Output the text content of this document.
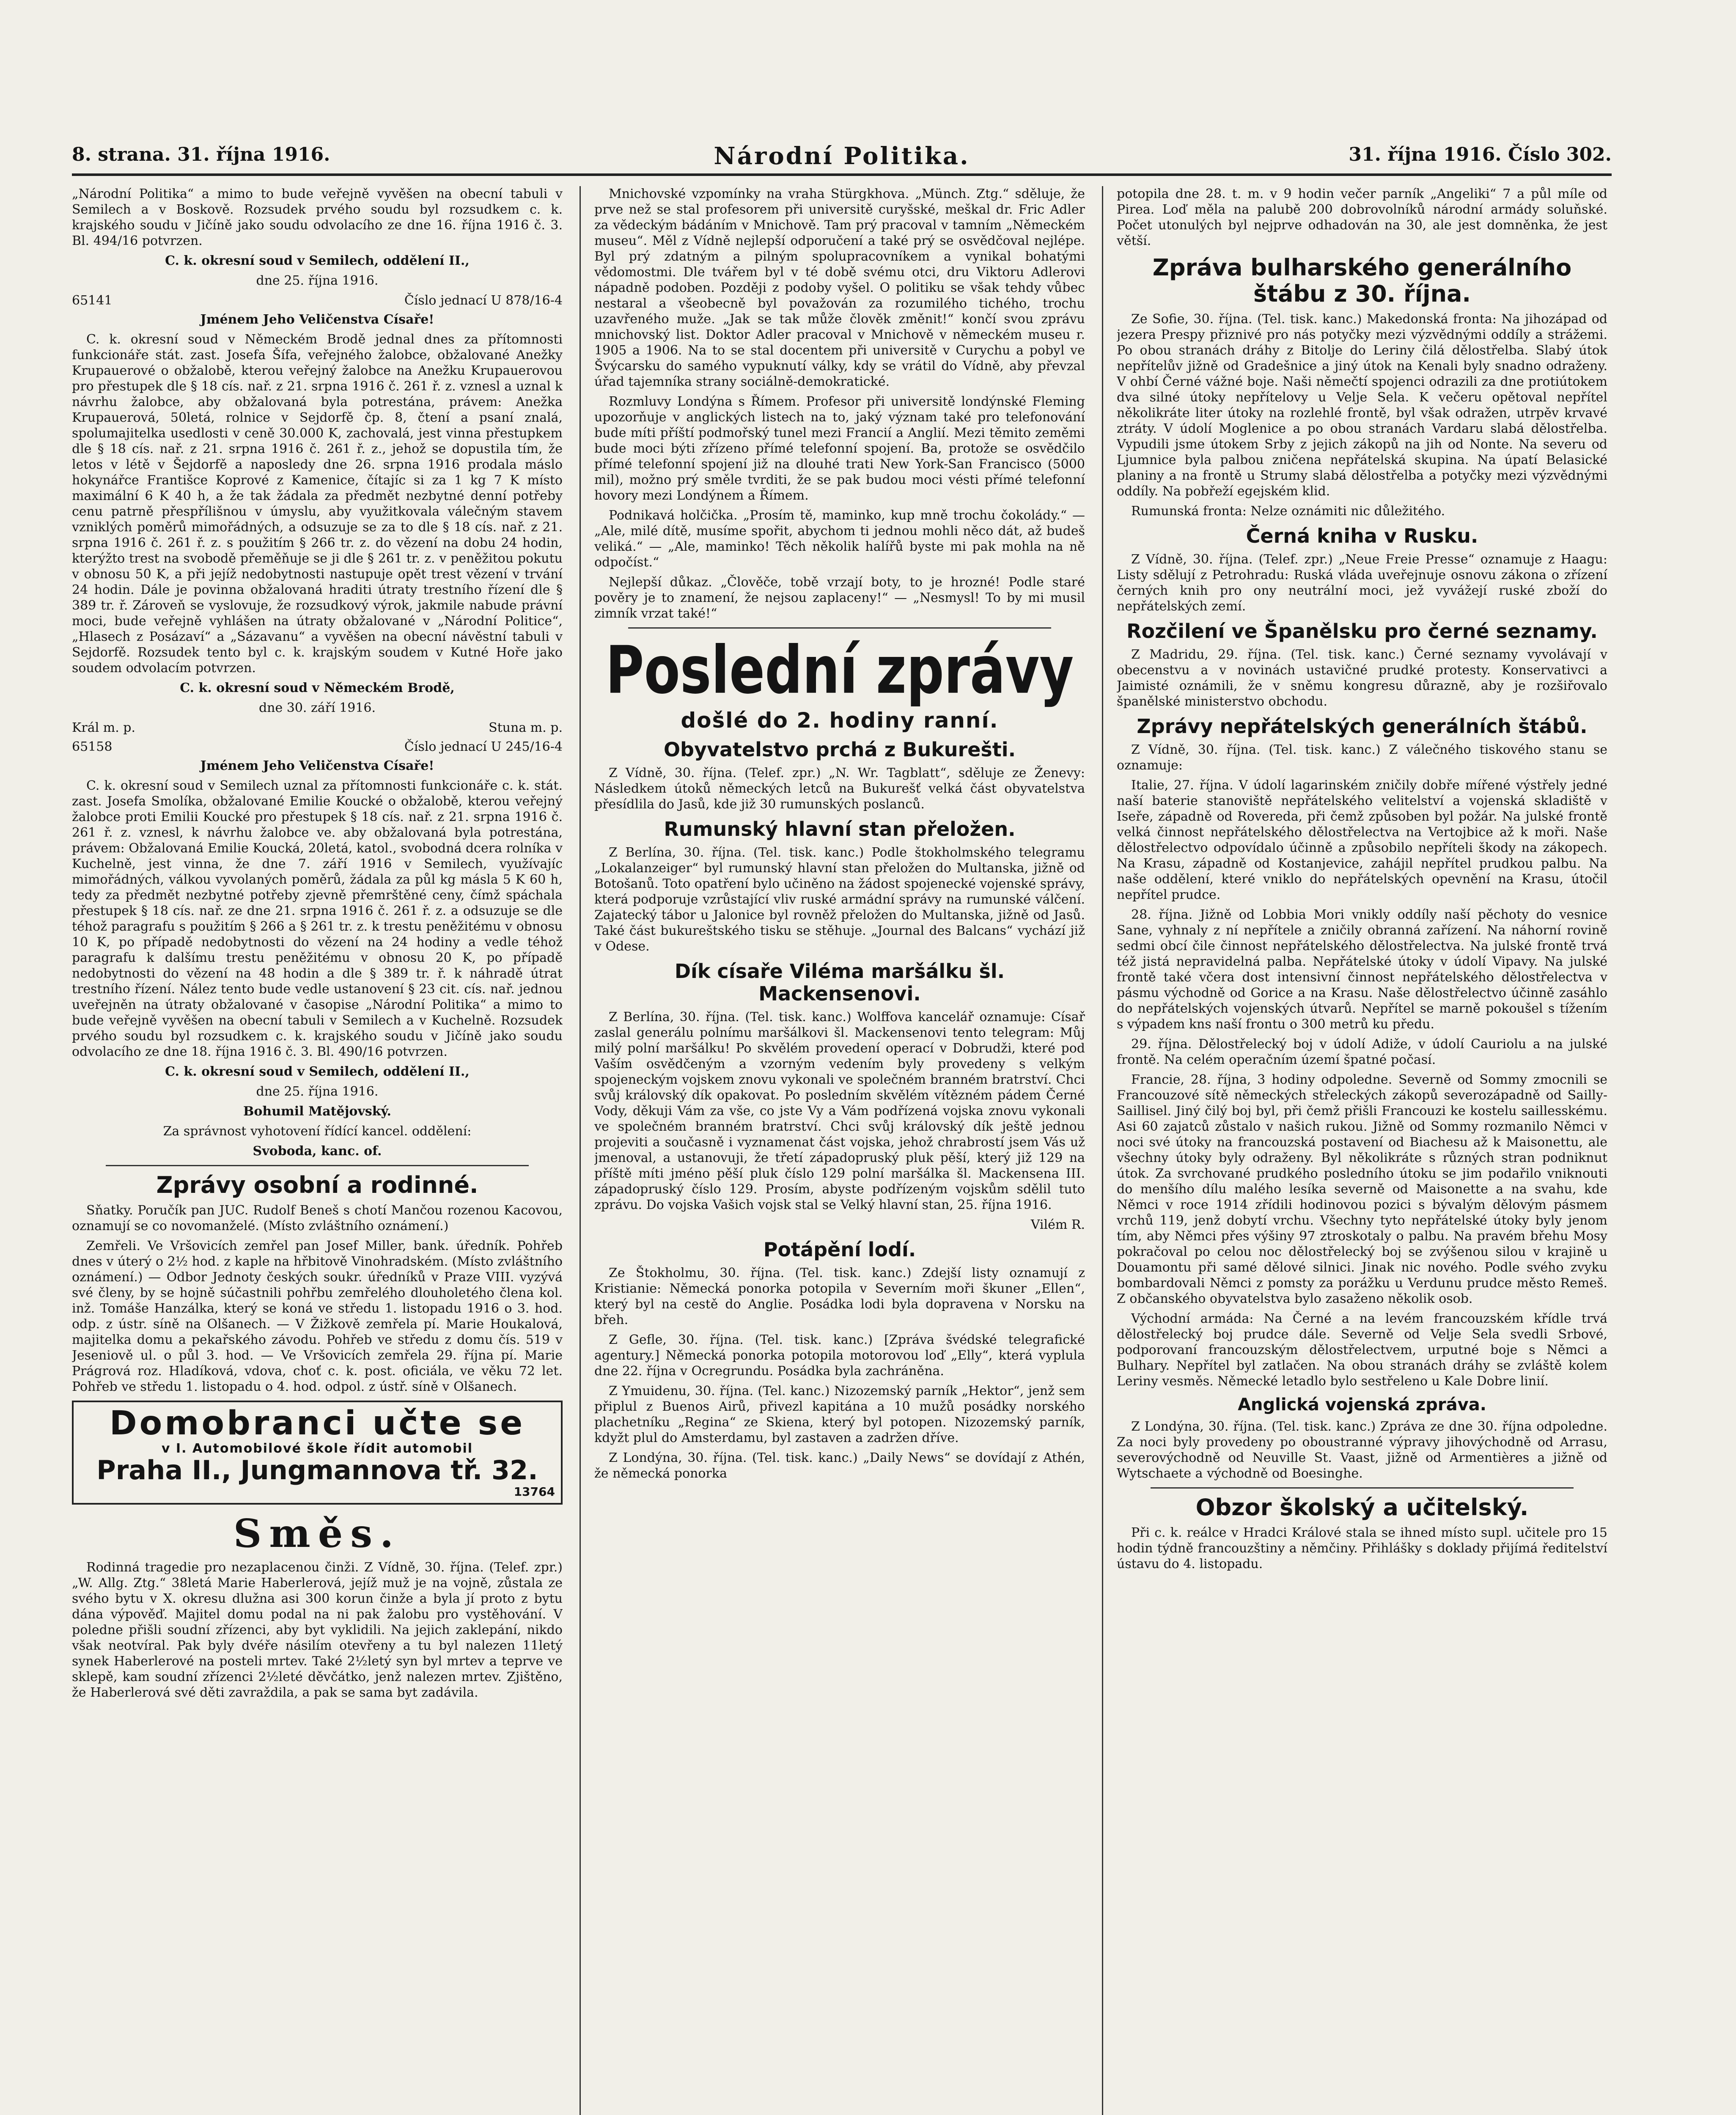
8. strana. 31. října 1916.	Národní Politika.	31. října 1916. Číslo 302.

„Národní Politika“ a mimo to bude veřejně vyvěšen na obecní tabuli v Semilech a v Boskově. Rozsudek prvého soudu byl rozsudkem c. k. krajského soudu v Jičíně jako soudu odvolacího ze dne 16. října 1916 č. 3. Bl. 494/16 potvrzen.

C. k. okresní soud v Semilech, oddělení II.,

dne 25. října 1916.

65141	Číslo jednací U 878/16-4

Jménem Jeho Veličenstva Císaře!

C. k. okresní soud v Německém Brodě jednal dnes za přítomnosti funkcionáře stát. zast. Josefa Šífa, veřejného žalobce, obžalované Anežky Krupauerové o obžalobě, kterou veřejný žalobce na Anežku Krupauerovou pro přestupek dle § 18 cís. nař. z 21. srpna 1916 č. 261 ř. z. vznesl a uznal k návrhu žalobce, aby obžalovaná byla potrestána, právem: Anežka Krupauerová, 50letá, rolnice v Sejdorfě čp. 8, čtení a psaní znalá, spolumajitelka usedlosti v ceně 30.000 K, zachovalá, jest vinna přestupkem dle § 18 cís. nař. z 21. srpna 1916 č. 261 ř. z., jehož se dopustila tím, že letos v létě v Šejdorfě a naposledy dne 26. srpna 1916 prodala máslo hokynářce Františce Koprové z Kamenice, čítajíc si za 1 kg 7 K místo maximální 6 K 40 h, a že tak žádala za předmět nezbytné denní potřeby cenu patrně přespřílišnou v úmyslu, aby využitkovala válečným stavem vzniklých poměrů mimořádných, a odsuzuje se za to dle § 18 cís. nař. z 21. srpna 1916 č. 261 ř. z. s použitím § 266 tr. z. do vězení na dobu 24 hodin, kterýžto trest na svobodě přeměňuje se ji dle § 261 tr. z. v peněžitou pokutu v obnosu 50 K, a při jejíž nedobytnosti nastupuje opět trest vězení v trvání 24 hodin. Dále je povinna obžalovaná hraditi útraty trestního řízení dle § 389 tr. ř. Zároveň se vyslovuje, že rozsudkový výrok, jakmile nabude právní moci, bude veřejně vyhlášen na útraty obžalované v „Národní Politice“, „Hlasech z Posázaví“ a „Sázavanu“ a vyvěšen na obecní návěstní tabuli v Sejdorfě. Rozsudek tento byl c. k. krajským soudem v Kutné Hoře jako soudem odvolacím potvrzen.

C. k. okresní soud v Německém Brodě,

dne 30. září 1916.

Král m. p.	Stuna m. p.
65158	Číslo jednací U 245/16-4

Jménem Jeho Veličenstva Císaře!

C. k. okresní soud v Semilech uznal za přítomnosti funkcionáře c. k. stát. zast. Josefa Smolíka, obžalované Emilie Koucké o obžalobě, kterou veřejný žalobce proti Emilii Koucké pro přestupek § 18 cís. nař. z 21. srpna 1916 č. 261 ř. z. vznesl, k návrhu žalobce ve. aby obžalovaná byla potrestána, právem: Obžalovaná Emilie Koucká, 20letá, katol., svobodná dcera rolníka v Kuchelně, jest vinna, že dne 7. září 1916 v Semilech, využívajíc mimořádných, válkou vyvolaných poměrů, žádala za půl kg másla 5 K 60 h, tedy za předmět nezbytné potřeby zjevně přemrštěné ceny, čímž spáchala přestupek § 18 cís. nař. ze dne 21. srpna 1916 č. 261 ř. z. a odsuzuje se dle téhož paragrafu s použitím § 266 a § 261 tr. z. k trestu peněžitému v obnosu 10 K, po případě nedobytnosti do vězení na 24 hodiny a vedle téhož paragrafu k dalšímu trestu peněžitému v obnosu 20 K, po případě nedobytnosti do vězení na 48 hodin a dle § 389 tr. ř. k náhradě útrat trestního řízení. Nález tento bude vedle ustanovení § 23 cit. cís. nař. jednou uveřejněn na útraty obžalované v časopise „Národní Politika“ a mimo to bude veřejně vyvěšen na obecní tabuli v Semilech a v Kuchelně. Rozsudek prvého soudu byl rozsudkem c. k. krajského soudu v Jičíně jako soudu odvolacího ze dne 18. října 1916 č. 3. Bl. 490/16 potvrzen.

C. k. okresní soud v Semilech, oddělení II.,

dne 25. října 1916.

Bohumil Matějovský.

Za správnost vyhotovení řídící kancel. oddělení:

Svoboda, kanc. of.

Zprávy osobní a rodinné.

Sňatky. Poručík pan JUC. Rudolf Beneš s chotí Mančou rozenou Kacovou, oznamují se co novomanželé. (Místo zvláštního oznámení.)

Zemřeli. Ve Vršovicích zemřel pan Josef Miller, bank. úředník. Pohřeb dnes v úterý o 2½ hod. z kaple na hřbitově Vinohradském. (Místo zvláštního oznámení.) — Odbor Jednoty českých soukr. úředníků v Praze VIII. vyzývá své členy, by se hojně súčastnili pohřbu zemřelého dlouholetého člena kol. inž. Tomáše Hanzálka, který se koná ve středu 1. listopadu 1916 o 3. hod. odp. z ústr. síně na Olšanech. — V Žižkově zemřela pí. Marie Houkalová, majitelka domu a pekařského závodu. Pohřeb ve středu z domu čís. 519 v Jeseniově ul. o půl 3. hod. — Ve Vršovicích zemřela 29. října pí. Marie Prágrová roz. Hladíková, vdova, choť c. k. post. oficiála, ve věku 72 let. Pohřeb ve středu 1. listopadu o 4. hod. odpol. z ústř. síně v Olšanech.

Domobranci učte se
v I. Automobilové škole řídit automobil
Praha II., Jungmannova tř. 32.
13764
Směs.

Rodinná tragedie pro nezaplacenou činži. Z Vídně, 30. října. (Telef. zpr.) „W. Allg. Ztg.“ 38letá Marie Haberlerová, jejíž muž je na vojně, zůstala ze svého bytu v X. okresu dlužna asi 300 korun činže a byla jí proto z bytu dána výpověď. Majitel domu podal na ni pak žalobu pro vystěhování. V poledne přišli soudní zřízenci, aby byt vyklidili. Na jejich zaklepání, nikdo však neotvíral. Pak byly dvéře násilím otevřeny a tu byl nalezen 11letý synek Haberlerové na posteli mrtev. Také 2½letý syn byl mrtev a teprve ve sklepě, kam soudní zřízenci 2½leté děvčátko, jenž nalezen mrtev. Zjištěno, že Haberlerová své děti zavraždila, a pak se sama byt zadávila.

Mnichovské vzpomínky na vraha Stürgkhova. „Münch. Ztg.“ sděluje, že prve než se stal profesorem při universitě curyšské, meškal dr. Fric Adler za vědeckým bádáním v Mnichově. Tam prý pracoval v tamním „Německém museu“. Měl z Vídně nejlepší odporučení a také prý se osvědčoval nejlépe. Byl prý zdatným a pilným spolupracovníkem a vynikal bohatými vědomostmi. Dle tvářem byl v té době svému otci, dru Viktoru Adlerovi nápadně podoben. Později z podoby vyšel. O politiku se však tehdy vůbec nestaral a všeobecně byl považován za rozumilého tichého, trochu uzavřeného muže. „Jak se tak může člověk změnit!“ končí svou zprávu mnichovský list. Doktor Adler pracoval v Mnichově v německém museu r. 1905 a 1906. Na to se stal docentem při universitě v Curychu a pobyl ve Švýcarsku do samého vypuknutí války, kdy se vrátil do Vídně, aby převzal úřad tajemníka strany sociálně-demokratické.

Rozmluvy Londýna s Římem. Profesor při universitě londýnské Fleming upozorňuje v anglických listech na to, jaký význam také pro telefonování bude míti příští podmořský tunel mezi Francií a Anglií. Mezi těmito zeměmi bude moci býti zřízeno přímé telefonní spojení. Ba, protože se osvědčilo přímé telefonní spojení již na dlouhé trati New York-San Francisco (5000 mil), možno prý směle tvrditi, že se pak budou moci vésti přímé telefonní hovory mezi Londýnem a Římem.

Podnikavá holčička. „Prosím tě, maminko, kup mně trochu čokolády.“ — „Ale, milé dítě, musíme spořit, abychom ti jednou mohli něco dát, až budeš veliká.“ — „Ale, maminko! Těch několik halířů byste mi pak mohla na ně odpočíst.“

Nejlepší důkaz. „Člověče, tobě vrzají boty, to je hrozné! Podle staré pověry je to znamení, že nejsou zaplaceny!“ — „Nesmysl! To by mi musil zimník vrzat také!“

Poslední zprávy
došlé do 2. hodiny ranní.
Obyvatelstvo prchá z Bukurešti.

Z Vídně, 30. října. (Telef. zpr.) „N. Wr. Tagblatt“, sděluje ze Ženevy: Následkem útoků německých letců na Bukurešť velká část obyvatelstva přesídlila do Jasů, kde již 30 rumunských poslanců.

Rumunský hlavní stan přeložen.

Z Berlína, 30. října. (Tel. tisk. kanc.) Podle štokholmského telegramu „Lokalanzeiger“ byl rumunský hlavní stan přeložen do Multanska, jižně od Botošanů. Toto opatření bylo učiněno na žádost spojenecké vojenské správy, která podporuje vzrůstající vliv ruské armádní správy na rumunské válčení. Zajatecký tábor u Jalonice byl rovněž přeložen do Multanska, jižně od Jasů. Také část bukureštského tisku se stěhuje. „Journal des Balcans“ vychází již v Odese.

Dík císaře Viléma maršálku šl. Mackensenovi.

Z Berlína, 30. října. (Tel. tisk. kanc.) Wolffova kancelář oznamuje: Císař zaslal generálu polnímu maršálkovi šl. Mackensenovi tento telegram: Můj milý polní maršálku! Po skvělém provedení operací v Dobrudži, které pod Vaším osvědčeným a vzorným vedením byly provedeny s velkým spojeneckým vojskem znovu vykonali ve společném branném bratrství. Chci svůj královský dík opakovat. Po posledním skvělém vítězném pádem Černé Vody, děkuji Vám za vše, co jste Vy a Vám podřízená vojska znovu vykonali ve společném branném bratrství. Chci svůj královský dík ještě jednou projeviti a současně i vyznamenat část vojska, jehož chrabrostí jsem Vás už jmenoval, a ustanovuji, že třetí západopruský pluk pěší, který již 129 na příště míti jméno pěší pluk číslo 129 polní maršálka šl. Mackensena III. západopruský číslo 129. Prosím, abyste podřízeným vojskům sdělil tuto zprávu. Do vojska Vašich vojsk stal se Velký hlavní stan, 25. října 1916.

Vilém R.

Potápění lodí.

Ze Štokholmu, 30. října. (Tel. tisk. kanc.) Zdejší listy oznamují z Kristianie: Německá ponorka potopila v Severním moři škuner „Ellen“, který byl na cestě do Anglie. Posádka lodi byla dopravena v Norsku na břeh.

Z Gefle, 30. října. (Tel. tisk. kanc.) [Zpráva švédské telegrafické agentury.] Německá ponorka potopila motorovou loď „Elly“, která vyplula dne 22. října v Ocregrundu. Posádka byla zachráněna.

Z Ymuidenu, 30. října. (Tel. kanc.) Nizozemský parník „Hektor“, jenž sem připlul z Buenos Airů, přivezl kapitána a 10 mužů posádky norského plachetníku „Regina“ ze Skiena, který byl potopen. Nizozemský parník, kdyžt plul do Amsterdamu, byl zastaven a zadržen dříve.

Z Londýna, 30. října. (Tel. tisk. kanc.) „Daily News“ se dovídají z Athén, že německá ponorka

potopila dne 28. t. m. v 9 hodin večer parník „Angeliki“ 7 a půl míle od Pirea. Loď měla na palubě 200 dobrovolníků národní armády soluňské. Počet utonulých byl nejprve odhadován na 30, ale jest domněnka, že jest větší.

Zpráva bulharského generálního štábu z 30. října.

Ze Sofie, 30. října. (Tel. tisk. kanc.) Makedonská fronta: Na jihozápad od jezera Prespy přiznivé pro nás potyčky mezi výzvědnými oddíly a strážemi. Po obou stranách dráhy z Bitolje do Leriny čilá dělostřelba. Slabý útok nepřítelův jižně od Gradešnice a jiný útok na Kenali byly snadno odraženy. V ohbí Černé vážné boje. Naši němečtí spojenci odrazili za dne protiútokem dva silné útoky nepřítelovy u Velje Sela. K večeru opětoval nepřítel několikráte liter útoky na rozlehlé frontě, byl však odražen, utrpěv krvavé ztráty. V údolí Moglenice a po obou stranách Vardaru slabá dělostřelba. Vypudili jsme útokem Srby z jejich zákopů na jih od Nonte. Na severu od Ljumnice byla palbou zničena nepřátelská skupina. Na úpatí Belasické planiny a na frontě u Strumy slabá dělostřelba a potyčky mezi výzvědnými oddíly. Na pobřeží egejském klid.

Rumunská fronta: Nelze oznámiti nic důležitého.

Černá kniha v Rusku.

Z Vídně, 30. října. (Telef. zpr.) „Neue Freie Presse“ oznamuje z Haagu: Listy sdělují z Petrohradu: Ruská vláda uveřejnuje osnovu zákona o zřízení černých knih pro ony neutrální moci, jež vyvážejí ruské zboží do nepřátelských zemí.

Rozčilení ve Španělsku pro černé seznamy.

Z Madridu, 29. října. (Tel. tisk. kanc.) Černé seznamy vyvolávají v obecenstvu a v novinách ustavičné prudké protesty. Konservativci a Jaimisté oznámili, že v sněmu kongresu důrazně, aby je rozšiřovalo španělské ministerstvo obchodu.

Zprávy nepřátelských generálních štábů.

Z Vídně, 30. října. (Tel. tisk. kanc.) Z válečného tiskového stanu se oznamuje:

Italie, 27. října. V údolí lagarinském zničily dobře mířené výstřely jedné naší baterie stanoviště nepřátelského velitelství a vojenská skladiště v Iseře, západně od Rovereda, při čemž způsoben byl požár. Na julské frontě velká činnost nepřátelského dělostřelectva na Vertojbice až k moři. Naše dělostřelectvo odpovídalo účinně a způsobilo nepříteli škody na zákopech. Na Krasu, západně od Kostanjevice, zahájil nepřítel prudkou palbu. Na naše oddělení, které vniklo do nepřátelských opevnění na Krasu, útočil nepřítel prudce.

28. října. Jižně od Lobbia Mori vnikly oddíly naší pěchoty do vesnice Sane, vyhnaly z ní nepřítele a zničily obranná zařízení. Na náhorní rovině sedmi obcí čile činnost nepřátelského dělostřelectva. Na julské frontě trvá též jistá nepravidelná palba. Nepřátelské útoky v údolí Vipavy. Na julské frontě také včera dost intensivní činnost nepřátelského dělostřelectva v pásmu východně od Gorice a na Krasu. Naše dělostřelectvo účinně zasáhlo do nepřátelských vojenských útvarů. Nepřítel se marně pokoušel s tížením s výpadem kns naší frontu o 300 metrů ku předu.

29. října. Dělostřelecký boj v údolí Adiže, v údolí Cauriolu a na julské frontě. Na celém operačním území špatné počasí.

Francie, 28. října, 3 hodiny odpoledne. Severně od Sommy zmocnili se Francouzové sítě německých střeleckých zákopů severozápadně od Sailly-Saillisel. Jiný čilý boj byl, při čemž přišli Francouzi ke kostelu saillesskému. Asi 60 zajatců zůstalo v našich rukou. Jižně od Sommy rozmanilo Němci v noci své útoky na francouzská postavení od Biachesu až k Maisonettu, ale všechny útoky byly odraženy. Byl několikráte s různých stran podniknut útok. Za svrchované prudkého posledního útoku se jim podařilo vniknouti do menšího dílu malého lesíka severně od Maisonette a na svahu, kde Němci v roce 1914 zřídili hodinovou pozici s bývalým dělovým pásmem vrchů 119, jenž dobytí vrchu. Všechny tyto nepřátelské útoky byly jenom tím, aby Němci přes výšiny 97 ztroskotaly o palbu. Na pravém břehu Mosy pokračoval po celou noc dělostřelecký boj se zvýšenou silou v krajině u Douamontu při samé dělové silnici. Jinak nic nového. Podle svého zvyku bombardovali Němci z pomsty za porážku u Verdunu prudce město Remeš. Z občanského obyvatelstva bylo zasaženo několik osob.

Východní armáda: Na Černé a na levém francouzském křídle trvá dělostřelecký boj prudce dále. Severně od Velje Sela svedli Srbové, podporovaní francouzským dělostřelectvem, urputné boje s Němci a Bulhary. Nepřítel byl zatlačen. Na obou stranách dráhy se zvláště kolem Leriny vesměs. Německé letadlo bylo sestřeleno u Kale Dobre linií.

Anglická vojenská zpráva.

Z Londýna, 30. října. (Tel. tisk. kanc.) Zpráva ze dne 30. října odpoledne. Za noci byly provedeny po oboustranné výpravy jihovýchodně od Arrasu, severovýchodně od Neuville St. Vaast, jižně od Armentières a jižně od Wytschaete a východně od Boesinghe.

Obzor školský a učitelský.

Při c. k. reálce v Hradci Králové stala se ihned místo supl. učitele pro 15 hodin týdně francouzštiny a němčiny. Přihlášky s doklady přijímá ředitelství ústavu do 4. listopadu.
